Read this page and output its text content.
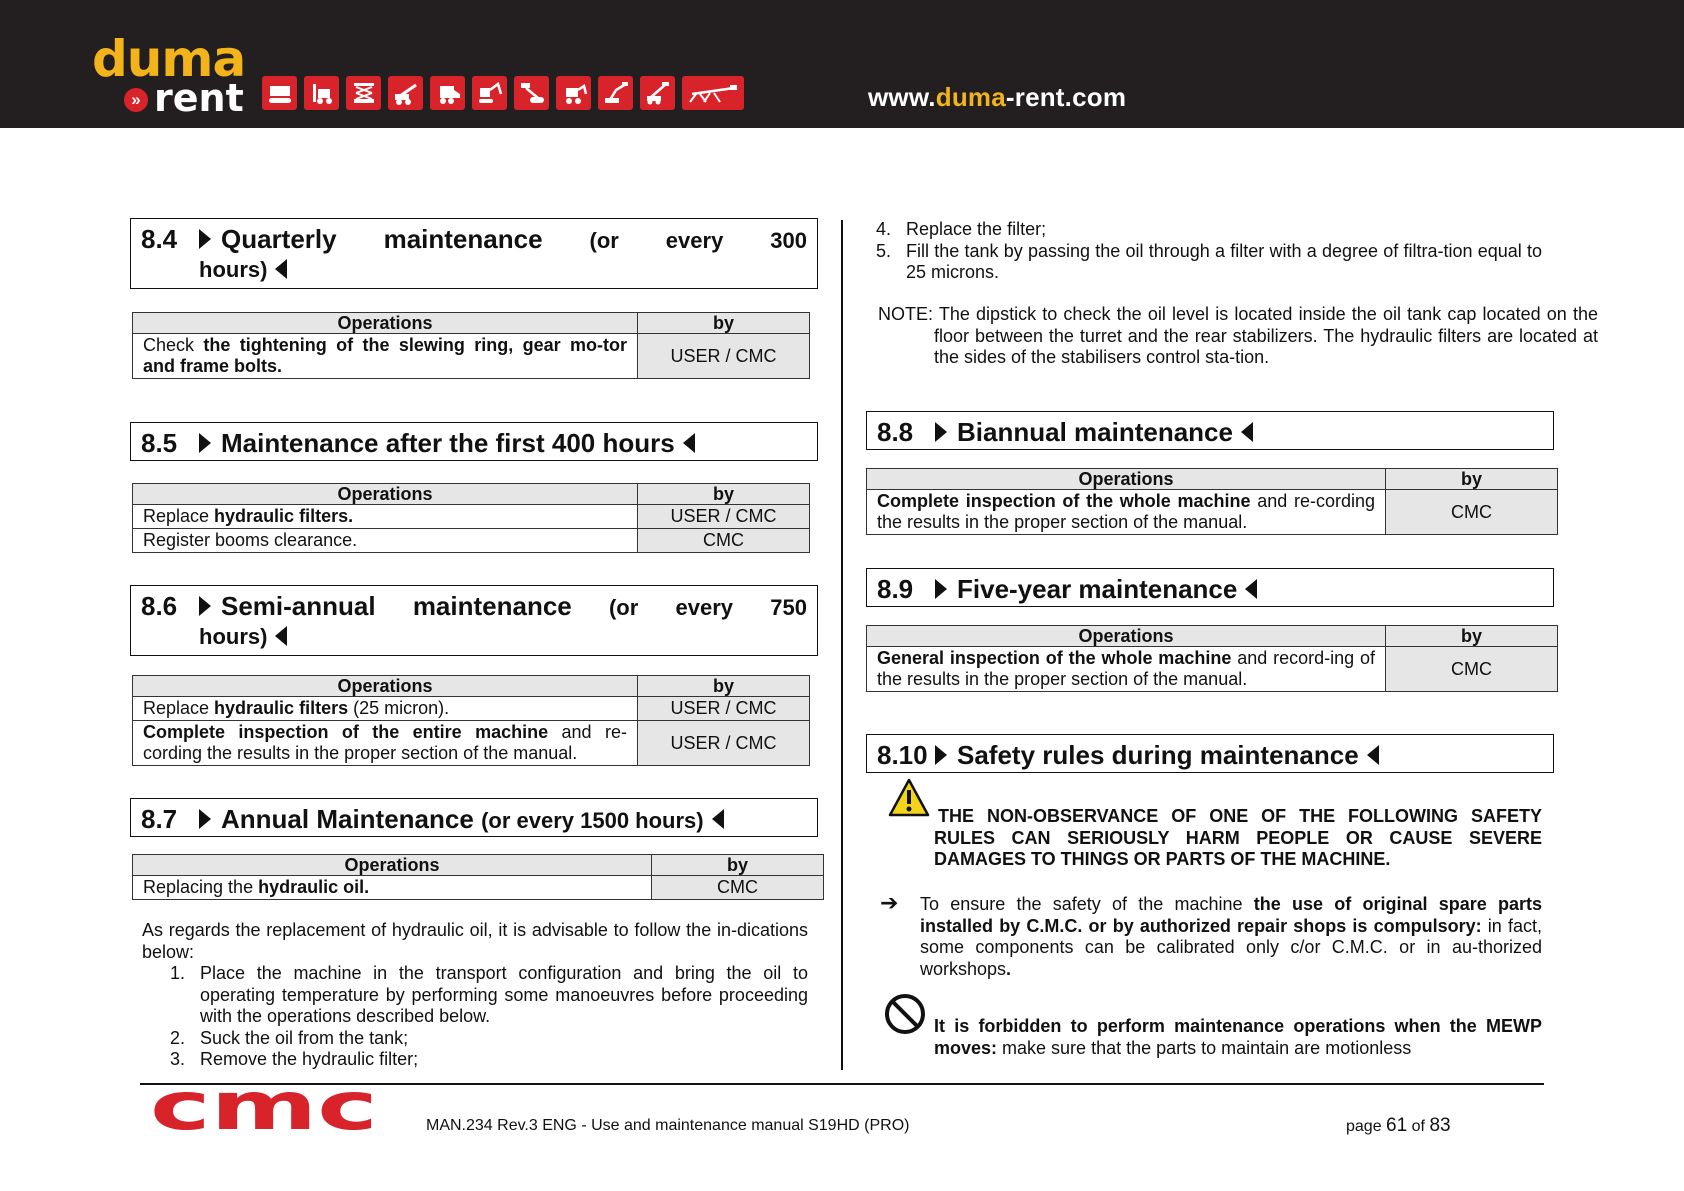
duma
» rent	www.duma-rent.com
8.4	Quarterly maintenance (or every 300
hours)
Operations	by
Check the tightening of the slewing ring, gear mo-tor and frame bolts.	USER / CMC
8.5	Maintenance after the first 400 hours
Operations	by
Replace hydraulic filters.	USER / CMC
Register booms clearance.	CMC
8.6	Semi-annual maintenance (or every 750
hours)
Operations	by
Replace hydraulic filters (25 micron).	USER / CMC
Complete inspection of the entire machine and re-cording the results in the proper section of the manual.	USER / CMC
8.7	Annual Maintenance (or every 1500 hours)
Operations	by
Replacing the hydraulic oil.	CMC
As regards the replacement of hydraulic oil, it is advisable to follow the in-dications below:
1. Place the machine in the transport configuration and bring the oil to operating temperature by performing some manoeuvres before proceeding with the operations described below.
2. Suck the oil from the tank;
3. Remove the hydraulic filter;
4. Replace the filter;
5. Fill the tank by passing the oil through a filter with a degree of filtra-tion equal to 25 microns.
NOTE: The dipstick to check the oil level is located inside the oil tank cap located on the floor between the turret and the rear stabilizers. The hydraulic filters are located at the sides of the stabilisers control sta-tion.
8.8	Biannual maintenance
Operations	by
Complete inspection of the whole machine and re-cording the results in the proper section of the manual.	CMC
8.9	Five-year maintenance
Operations	by
General inspection of the whole machine and record-ing of the results in the proper section of the manual.	CMC
8.10	Safety rules during maintenance
THE NON-OBSERVANCE OF ONE OF THE FOLLOWING SAFETY RULES CAN SERIOUSLY HARM PEOPLE OR CAUSE SEVERE DAMAGES TO THINGS OR PARTS OF THE MACHINE.
➔ To ensure the safety of the machine the use of original spare parts installed by C.M.C. or by authorized repair shops is compulsory: in fact, some components can be calibrated only c/or C.M.C. or in au-thorized workshops.
It is forbidden to perform maintenance operations when the MEWP moves: make sure that the parts to maintain are motionless
cmc	MAN.234 Rev.3 ENG - Use and maintenance manual S19HD (PRO)	page 61 of 83
